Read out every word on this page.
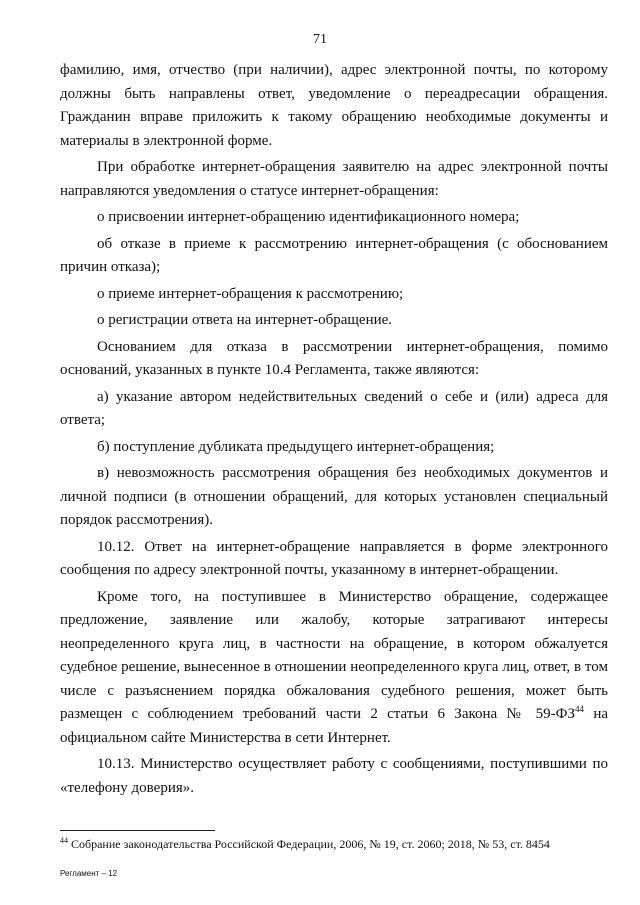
71

фамилию, имя, отчество (при наличии), адрес электронной почты, по которому должны быть направлены ответ, уведомление о переадресации обращения. Гражданин вправе приложить к такому обращению необходимые документы и материалы в электронной форме.

При обработке интернет-обращения заявителю на адрес электронной почты направляются уведомления о статусе интернет-обращения:

о присвоении интернет-обращению идентификационного номера;

об отказе в приеме к рассмотрению интернет-обращения (с обоснованием причин отказа);

о приеме интернет-обращения к рассмотрению;

о регистрации ответа на интернет-обращение.

Основанием для отказа в рассмотрении интернет-обращения, помимо оснований, указанных в пункте 10.4 Регламента, также являются:

а) указание автором недействительных сведений о себе и (или) адреса для ответа;

б) поступление дубликата предыдущего интернет-обращения;

в) невозможность рассмотрения обращения без необходимых документов и личной подписи (в отношении обращений, для которых установлен специальный порядок рассмотрения).

10.12. Ответ на интернет-обращение направляется в форме электронного сообщения по адресу электронной почты, указанному в интернет-обращении.

Кроме того, на поступившее в Министерство обращение, содержащее предложение, заявление или жалобу, которые затрагивают интересы неопределенного круга лиц, в частности на обращение, в котором обжалуется судебное решение, вынесенное в отношении неопределенного круга лиц, ответ, в том числе с разъяснением порядка обжалования судебного решения, может быть размещен с соблюдением требований части 2 статьи 6 Закона № 59-ФЗ$^{44}$ на официальном сайте Министерства в сети Интернет.

10.13. Министерство осуществляет работу с сообщениями, поступившими по «телефону доверия».

$^{44}$ Собрание законодательства Российской Федерации, 2006, № 19, ст. 2060; 2018, № 53, ст. 8454
Регламент – 12
